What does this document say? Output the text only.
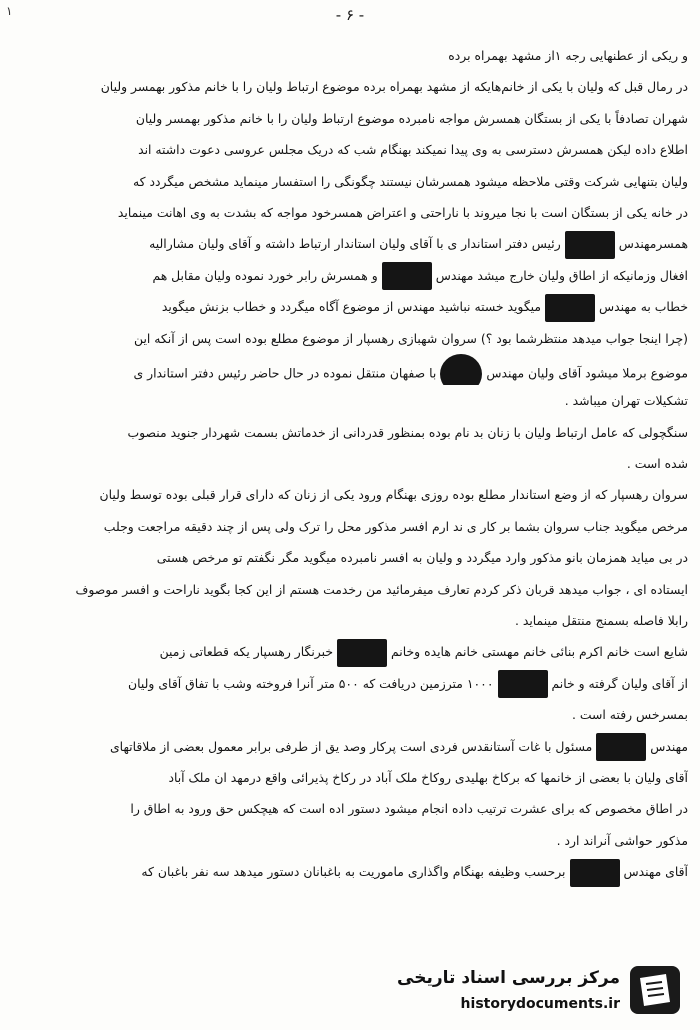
- ۶ -
۱
و ریکی از عطنهایی رجه ۱از مشهد بهمراه برده
در رمال قبل که ولیان با یکی از خانم‌هایکه از مشهد بهمراه برده موضوع ارتباط ولیان را با خانم مذکور بهمسر ولیان
شهران تصادفاً با یکی از بستگان همسرش مواجه نامبرده موضوع ارتباط ولیان را با خانم مذکور بهمسر ولیان
اطلاع داده لیکن همسرش دسترسی به وی پیدا نمیکند بهنگام شب که دریک مجلس عروسی دعوت داشته اند
ولیان بتنهایی شرکت وقتی ملاحظه میشود همسرشان نیستند چگونگی را استفسار مینماید مشخص میگردد که
در خانه یکی از بستگان است با نجا میروند با ناراحتی و اعتراض همسرخود مواجه که بشدت به وی اهانت مینماید
همسرمهندسرئیس دفتر استاندار ی با آقای ولیان استاندار ارتباط داشته و آقای ولیان مشارالیه
افغال وزمانیکه از اطاق ولیان خارج میشد مهندسو همسرش رابر خورد نموده ولیان مقابل هم
خطاب به مهندسمیگوید خسته نباشید مهندس از موضوع آگاه میگردد و خطاب بزنش میگوید
(چرا اینجا جواب میدهد منتظرشما بود ؟) سروان شهبازی رهسپار از موضوع مطلع بوده است پس از آنکه این
موضوع برملا میشود آقای ولیان مهندسبا صفهان منتقل نموده در حال حاضر رئیس دفتر استاندار ی
تشکیلات تهران میباشد .
سنگچولی که عامل ارتباط ولیان با زنان بد نام بوده بمنظور قدردانی از خدماتش بسمت شهردار جنوید منصوب
شده است .
سروان رهسپار که از وضع استاندار مطلع بوده روزی بهنگام ورود یکی از زنان که دارای قرار قبلی بوده توسط ولیان
مرخص میگوید جناب سروان بشما بر کار ی ند ارم افسر مذکور محل را ترک ولی پس از چند دقیقه مراجعت وجلب
در بی میاید همزمان بانو مذکور وارد میگردد و ولیان به افسر نامبرده میگوید مگر نگفتم تو مرخص هستی
ایستاده ای ، جواب میدهد قربان ذکر کردم تعارف میفرمائید من رخدمت هستم از این کجا بگوید ناراحت و افسر موصوف
رابلا فاصله بسمنج منتقل مینماید .
شایع است خانم اکرم بنائی خانم مهستی خانم هایده وخانمخبرنگار رهسپار یکه قطعاتی زمین
از آقای ولیان گرفته و خانم۱۰۰۰ مترزمین دریافت که ۵۰۰ متر آنرا فروخته وشب با تفاق آقای ولیان
بمسرخس رفته است .
مهندسمسئول با غات آستانقدس فردی است پرکار وصد یق از طرفی برابر معمول بعضی از ملاقاتهای
آقای ولیان با بعضی از خانمها که برکاخ بهلیدی روکاخ ملک آباد در رکاخ پذیرائی واقع درمهد ان ملک آباد
در اطاق مخصوص که برای عشرت ترتیب داده انجام میشود دستور اده است که هیچکس حق ورود به اطاق را
مذکور حواشی آنراند ارد .
آقای مهندسبرحسب وظیفه بهنگام واگذاری ماموریت به باغبانان دستور میدهد سه نفر باغبان که
مرکز بررسی اسناد تاریخی
historydocuments.ir
